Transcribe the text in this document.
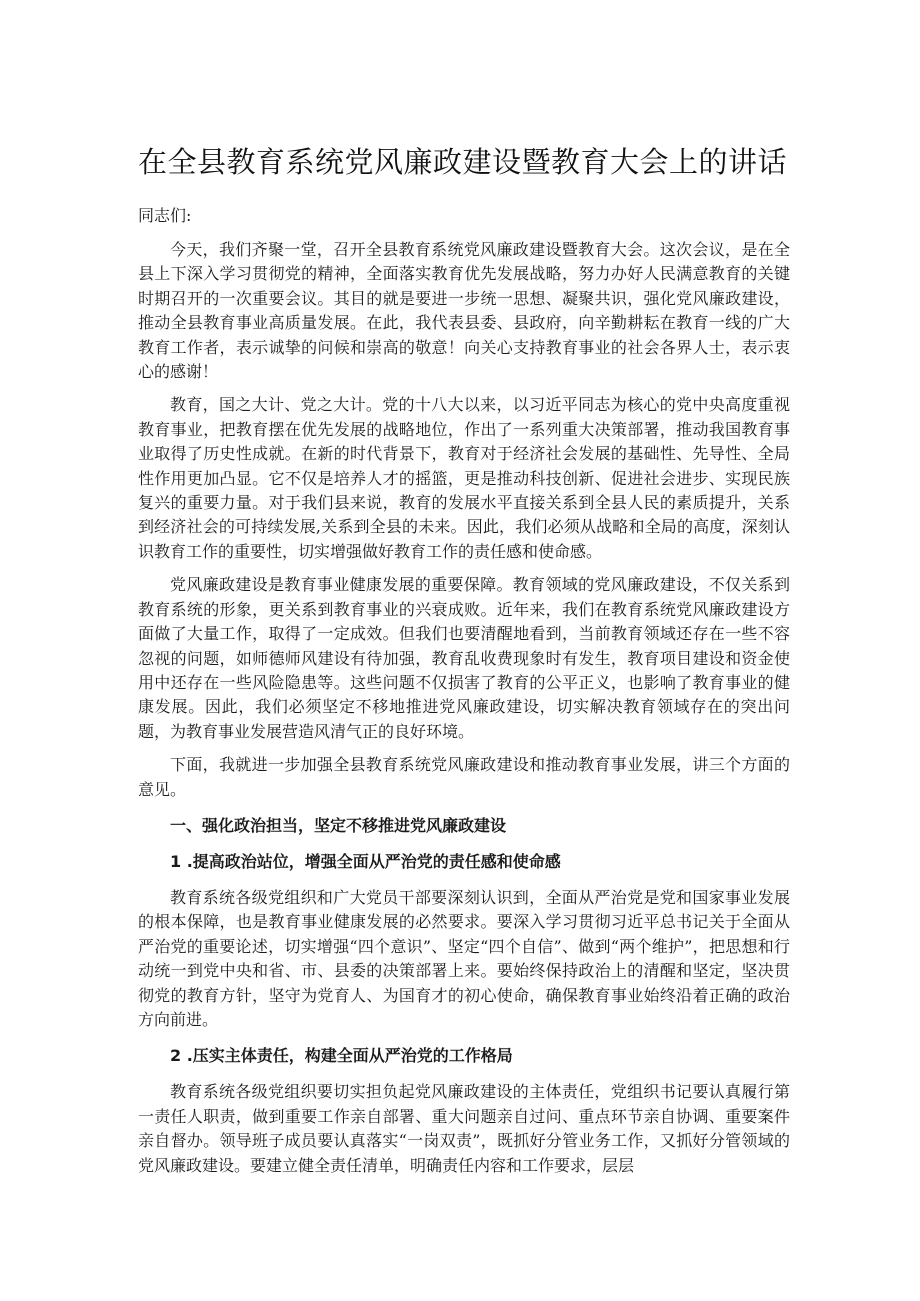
在全县教育系统党风廉政建设暨教育大会上的讲话
同志们:

今天，我们齐聚一堂，召开全县教育系统党风廉政建设暨教育大会。这次会议，是在全县上下深入学习贯彻党的精神，全面落实教育优先发展战略，努力办好人民满意教育的关键时期召开的一次重要会议。其目的就是要进一步统一思想、凝聚共识，强化党风廉政建设，推动全县教育事业高质量发展。在此，我代表县委、县政府，向辛勤耕耘在教育一线的广大教育工作者，表示诚挚的问候和崇高的敬意！向关心支持教育事业的社会各界人士，表示衷心的感谢！

教育，国之大计、党之大计。党的十八大以来，以习近平同志为核心的党中央高度重视教育事业，把教育摆在优先发展的战略地位，作出了一系列重大决策部署，推动我国教育事业取得了历史性成就。在新的时代背景下，教育对于经济社会发展的基础性、先导性、全局性作用更加凸显。它不仅是培养人才的摇篮，更是推动科技创新、促进社会进步、实现民族复兴的重要力量。对于我们县来说，教育的发展水平直接关系到全县人民的素质提升，关系到经济社会的可持续发展,关系到全县的未来。因此，我们必须从战略和全局的高度，深刻认识教育工作的重要性，切实增强做好教育工作的责任感和使命感。

党风廉政建设是教育事业健康发展的重要保障。教育领域的党风廉政建设，不仅关系到教育系统的形象，更关系到教育事业的兴衰成败。近年来，我们在教育系统党风廉政建设方面做了大量工作，取得了一定成效。但我们也要清醒地看到，当前教育领域还存在一些不容忽视的问题，如师德师风建设有待加强，教育乱收费现象时有发生，教育项目建设和资金使用中还存在一些风险隐患等。这些问题不仅损害了教育的公平正义，也影响了教育事业的健康发展。因此，我们必须坚定不移地推进党风廉政建设，切实解决教育领域存在的突出问题，为教育事业发展营造风清气正的良好环境。

下面，我就进一步加强全县教育系统党风廉政建设和推动教育事业发展，讲三个方面的意见。

一、强化政治担当，坚定不移推进党风廉政建设
1 .提高政治站位，增强全面从严治党的责任感和使命感

教育系统各级党组织和广大党员干部要深刻认识到，全面从严治党是党和国家事业发展的根本保障，也是教育事业健康发展的必然要求。要深入学习贯彻习近平总书记关于全面从严治党的重要论述，切实增强“四个意识”、坚定“四个自信”、做到“两个维护”，把思想和行动统一到党中央和省、市、县委的决策部署上来。要始终保持政治上的清醒和坚定，坚决贯彻党的教育方针，坚守为党育人、为国育才的初心使命，确保教育事业始终沿着正确的政治方向前进。

2 .压实主体责任，构建全面从严治党的工作格局

教育系统各级党组织要切实担负起党风廉政建设的主体责任，党组织书记要认真履行第一责任人职责，做到重要工作亲自部署、重大问题亲自过问、重点环节亲自协调、重要案件亲自督办。领导班子成员要认真落实“一岗双责”，既抓好分管业务工作，又抓好分管领域的党风廉政建设。要建立健全责任清单，明确责任内容和工作要求，层层
